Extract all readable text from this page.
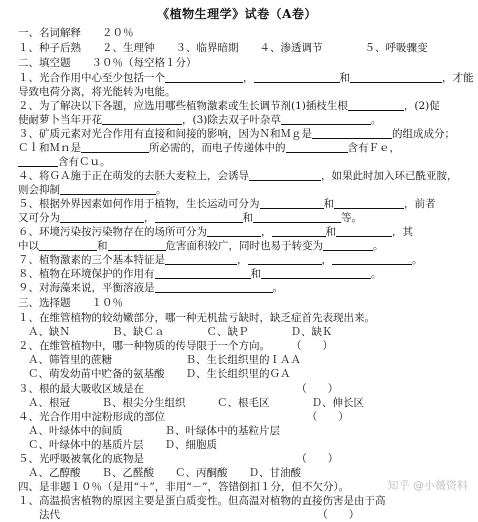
《植物生理学》试卷（A卷）
一、名词解释　　２０％
１、种子后熟　　２、生理钟　　３、临界暗期　　４、渗透调节　　　　５、呼吸骤变
二、填空题　　３０％（每空格１分）
１、光合作用中心至少包括一个	，	和	，才能
导致电荷分离，将光能转为电能。
２、为了解决以下各题，应选用哪些植物激素或生长调节剂(1)插枝生根	，(2)促
使耐萝卜当年开花	，(3)除去双子叶杂草	。
３、矿质元素对光合作用有直接和间接的影响，因为Ｎ和Ｍｇ是	的组成成分；
Ｃｌ和Ｍｎ是	所必需的，而电子传递体中的	含有Ｆｅ，
含有Ｃｕ。
４、将ＧＡ施于正在萌发的去胚大麦粒上，会诱导	，如果此时加入环已酰亚胺，
则会抑制	。
５、根据外界因素如何作用于植物，生长运动可分为	和	，前者
又可分为	，	和	等。
６、环境污染按污染物存在的场所可分为	，	和	，其
中以	和	危害面积较广，同时也易于转变为	。
７、植物激素的三个基本特征是	，	，	。
８、植物在环境保护的作用有	和	。
９、对海藻来说，平衡溶液是	。
三、选择题　　１０％
１、在维管植物的较幼嫩部分，哪一种无机盐亏缺时，缺乏症首先表现出来。
Ａ、缺Ｎ　　　　Ｂ、缺Ｃａ　　　　Ｃ、缺Ｐ　　　　Ｄ、缺Ｋ
２、在维管植物中，哪一种物质的传导限于一个方向。　　　	（　　）
Ａ、筛管里的蔗糖　　　　　　　Ｂ、生长组织里的ＩＡＡ
Ｃ、萌发幼苗中贮备的氨基酸　　Ｄ、生长组织里的ＧＡ
３、根的最大吸收区域是在　　　　　　　　　　　　　　　	（　　）
Ａ、根冠　　　Ｂ、根尖分生组织　　　Ｃ、根毛区　　　　Ｄ、伸长区
４、光合作用中淀粉形成的部位　　　　　　　　　　　　　　	（　　）
Ａ、叶绿体中的间质　　　　Ｂ、叶绿体中的基粒片层
Ｃ、叶绿体中的基质片层　　Ｄ、细胞质
５、光呼吸被氧化的底物是　　　　　　　　　　　　　　　	（　　）
Ａ、乙醇酸　　Ｂ、乙醛酸　　Ｃ、丙酮酸　　Ｄ、甘油酸
四、是非题１０％（是用“＋”，非用“－”，答错倒扣１分，但不欠分）。
１、高温损害植物的原因主要是蛋白质变性。但高温对植物的直接伤害是由于高
　　法代　　　　　　　　　　　　　　　　　　　　　　　　　（　　）
知乎 @小薇资料
